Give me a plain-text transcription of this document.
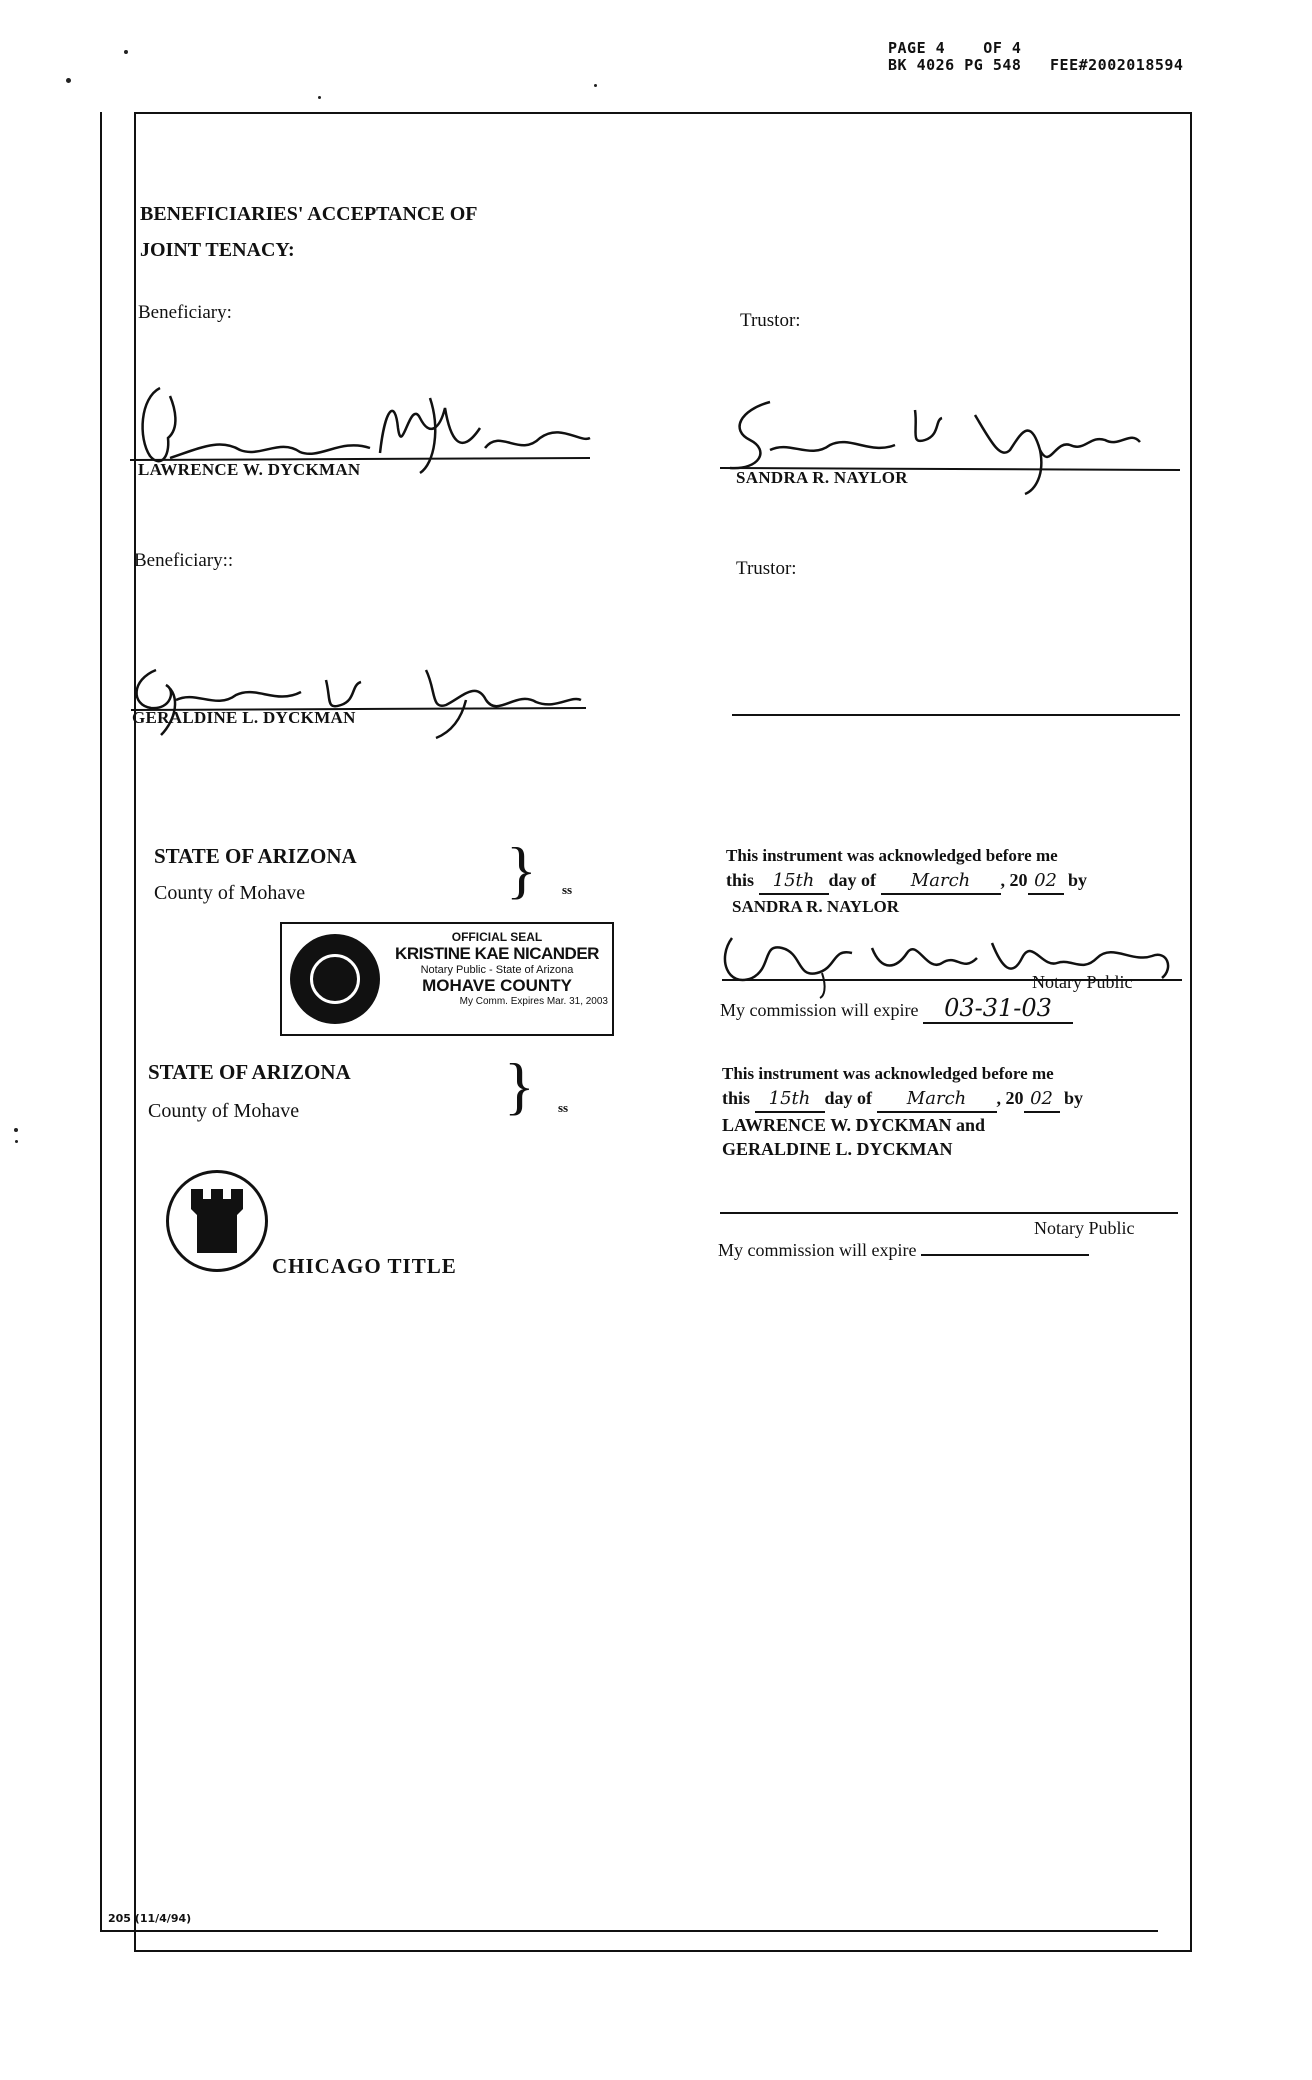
PAGE 4    OF 4
BK 4026 PG 548   FEE#2002018594
BENEFICIARIES' ACCEPTANCE OF
JOINT TENACY:
Beneficiary:
LAWRENCE W. DYCKMAN
Trustor:
SANDRA R. NAYLOR
Beneficiary::
GERALDINE L. DYCKMAN
Trustor:
STATE OF ARIZONA
County of Mohave	} ss
OFFICIAL SEAL
KRISTINE KAE NICANDER
Notary Public - State of Arizona
MOHAVE COUNTY
My Comm. Expires Mar. 31, 2003
This instrument was acknowledged before me
this 15th day of March , 20 02 by
SANDRA R. NAYLOR
Notary Public
My commission will expire 03-31-03
STATE OF ARIZONA
County of Mohave	} ss
This instrument was acknowledged before me
this 15th day of March , 20 02 by
LAWRENCE W. DYCKMAN and
GERALDINE L. DYCKMAN
Notary Public
My commission will expire
CHICAGO TITLE
205 (11/4/94)
